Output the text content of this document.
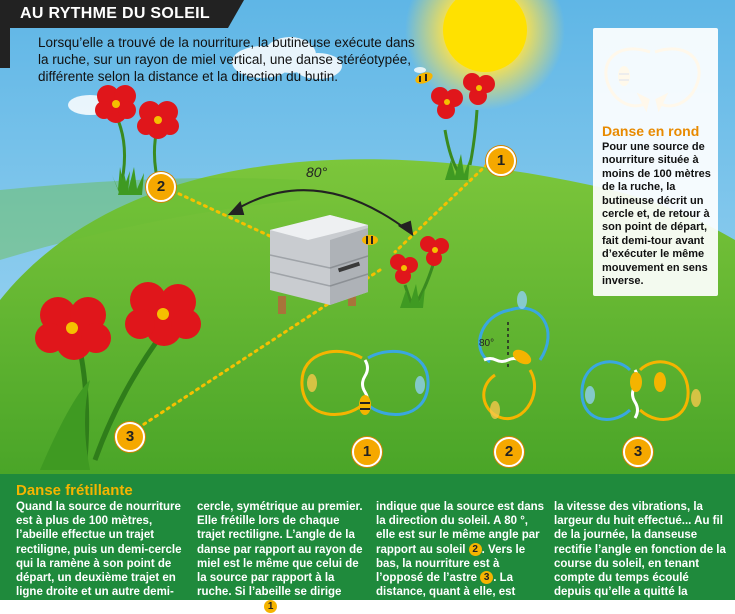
AU RYTHME DU SOLEIL
Lorsqu’elle a trouvé de la nourriture, la butineuse exécute dans la ruche, sur un rayon de miel vertical, une danse stéréotypée, différente selon la distance et la direction du butin.
Danse en rond
Pour une source de nourriture située à moins de 100 mètres de la ruche, la butineuse décrit un cercle et, de retour à son point de départ, fait demi-tour avant d’exécuter le même mouvement en sens inverse.
80°
80°
1
2
3
1	2	3
Danse frétillante
Quand la source de nourriture est à plus de 100 mètres, l’abeille effectue un trajet rectiligne, puis un demi-cercle qui la ramène à son point de départ, un deuxième trajet en ligne droite et un autre demi-
cercle, symétrique au premier. Elle frétille lors de chaque trajet rectiligne. L’angle de la danse par rapport au rayon de miel est le même que celui de la source par rapport à la ruche. Si l’abeille se dirige vers le haut 1 , cela
indique que la source est dans la direction du soleil. A 80 °, elle est sur le même angle par rapport au soleil 2 . Vers le bas, la nourriture est à l’opposé de l’astre 3 . La distance, quant à elle, est donnée par le rythme,
la vitesse des vibrations, la largeur du huit effectué... Au fil de la journée, la danseuse rectifie l’angle en fonction de la course du soleil, en tenant compte du temps écoulé depuis qu’elle a quitté la source.
